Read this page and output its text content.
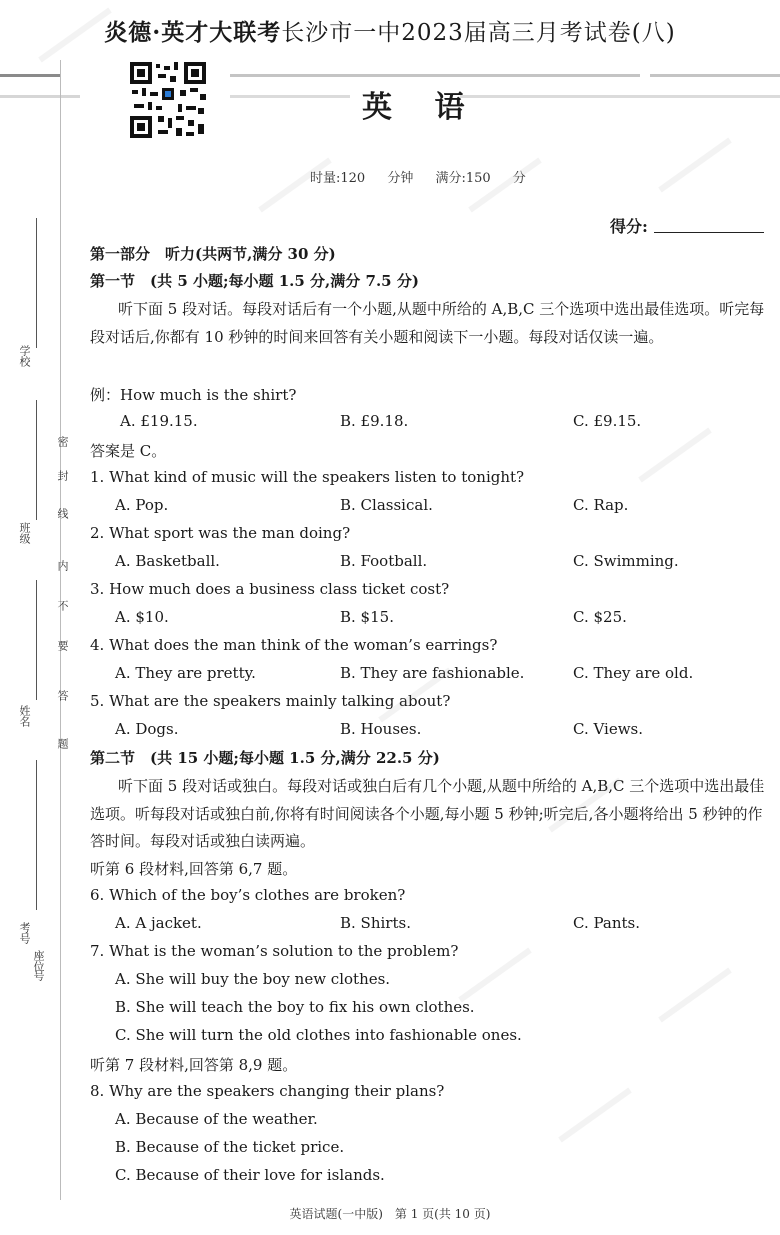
炎德·英才大联考长沙市一中2023届高三月考试卷(八)
英 语
时量:120 分钟 满分:150 分
得分:
学校
班级
姓名
考号
密
封
线
内
不
要
答
题
座位
号
第一部分　听力(共两节,满分 30 分)
第一节　(共 5 小题;每小题 1.5 分,满分 7.5 分)
听下面 5 段对话。每段对话后有一个小题,从题中所给的 A,B,C 三个选项中选出最佳选项。听完每段对话后,你都有 10 秒钟的时间来回答有关小题和阅读下一小题。每段对话仅读一遍。
例：How much is the shirt?
A. £19.15.	B. £9.18.	C. £9.15.
答案是 C。
1. What kind of music will the speakers listen to tonight?
A. Pop.	B. Classical.	C. Rap.
2. What sport was the man doing?
A. Basketball.	B. Football.	C. Swimming.
3. How much does a business class ticket cost?
A. $10.	B. $15.	C. $25.
4. What does the man think of the woman’s earrings?
A. They are pretty.	B. They are fashionable.	C. They are old.
5. What are the speakers mainly talking about?
A. Dogs.	B. Houses.	C. Views.
第二节　(共 15 小题;每小题 1.5 分,满分 22.5 分)
听下面 5 段对话或独白。每段对话或独白后有几个小题,从题中所给的 A,B,C 三个选项中选出最佳选项。听每段对话或独白前,你将有时间阅读各个小题,每小题 5 秒钟;听完后,各小题将给出 5 秒钟的作答时间。每段对话或独白读两遍。
听第 6 段材料,回答第 6,7 题。
6. Which of the boy’s clothes are broken?
A. A jacket.	B. Shirts.	C. Pants.
7. What is the woman’s solution to the problem?
A. She will buy the boy new clothes.
B. She will teach the boy to fix his own clothes.
C. She will turn the old clothes into fashionable ones.
听第 7 段材料,回答第 8,9 题。
8. Why are the speakers changing their plans?
A. Because of the weather.
B. Because of the ticket price.
C. Because of their love for islands.
英语试题(一中版)　第 1 页(共 10 页)
